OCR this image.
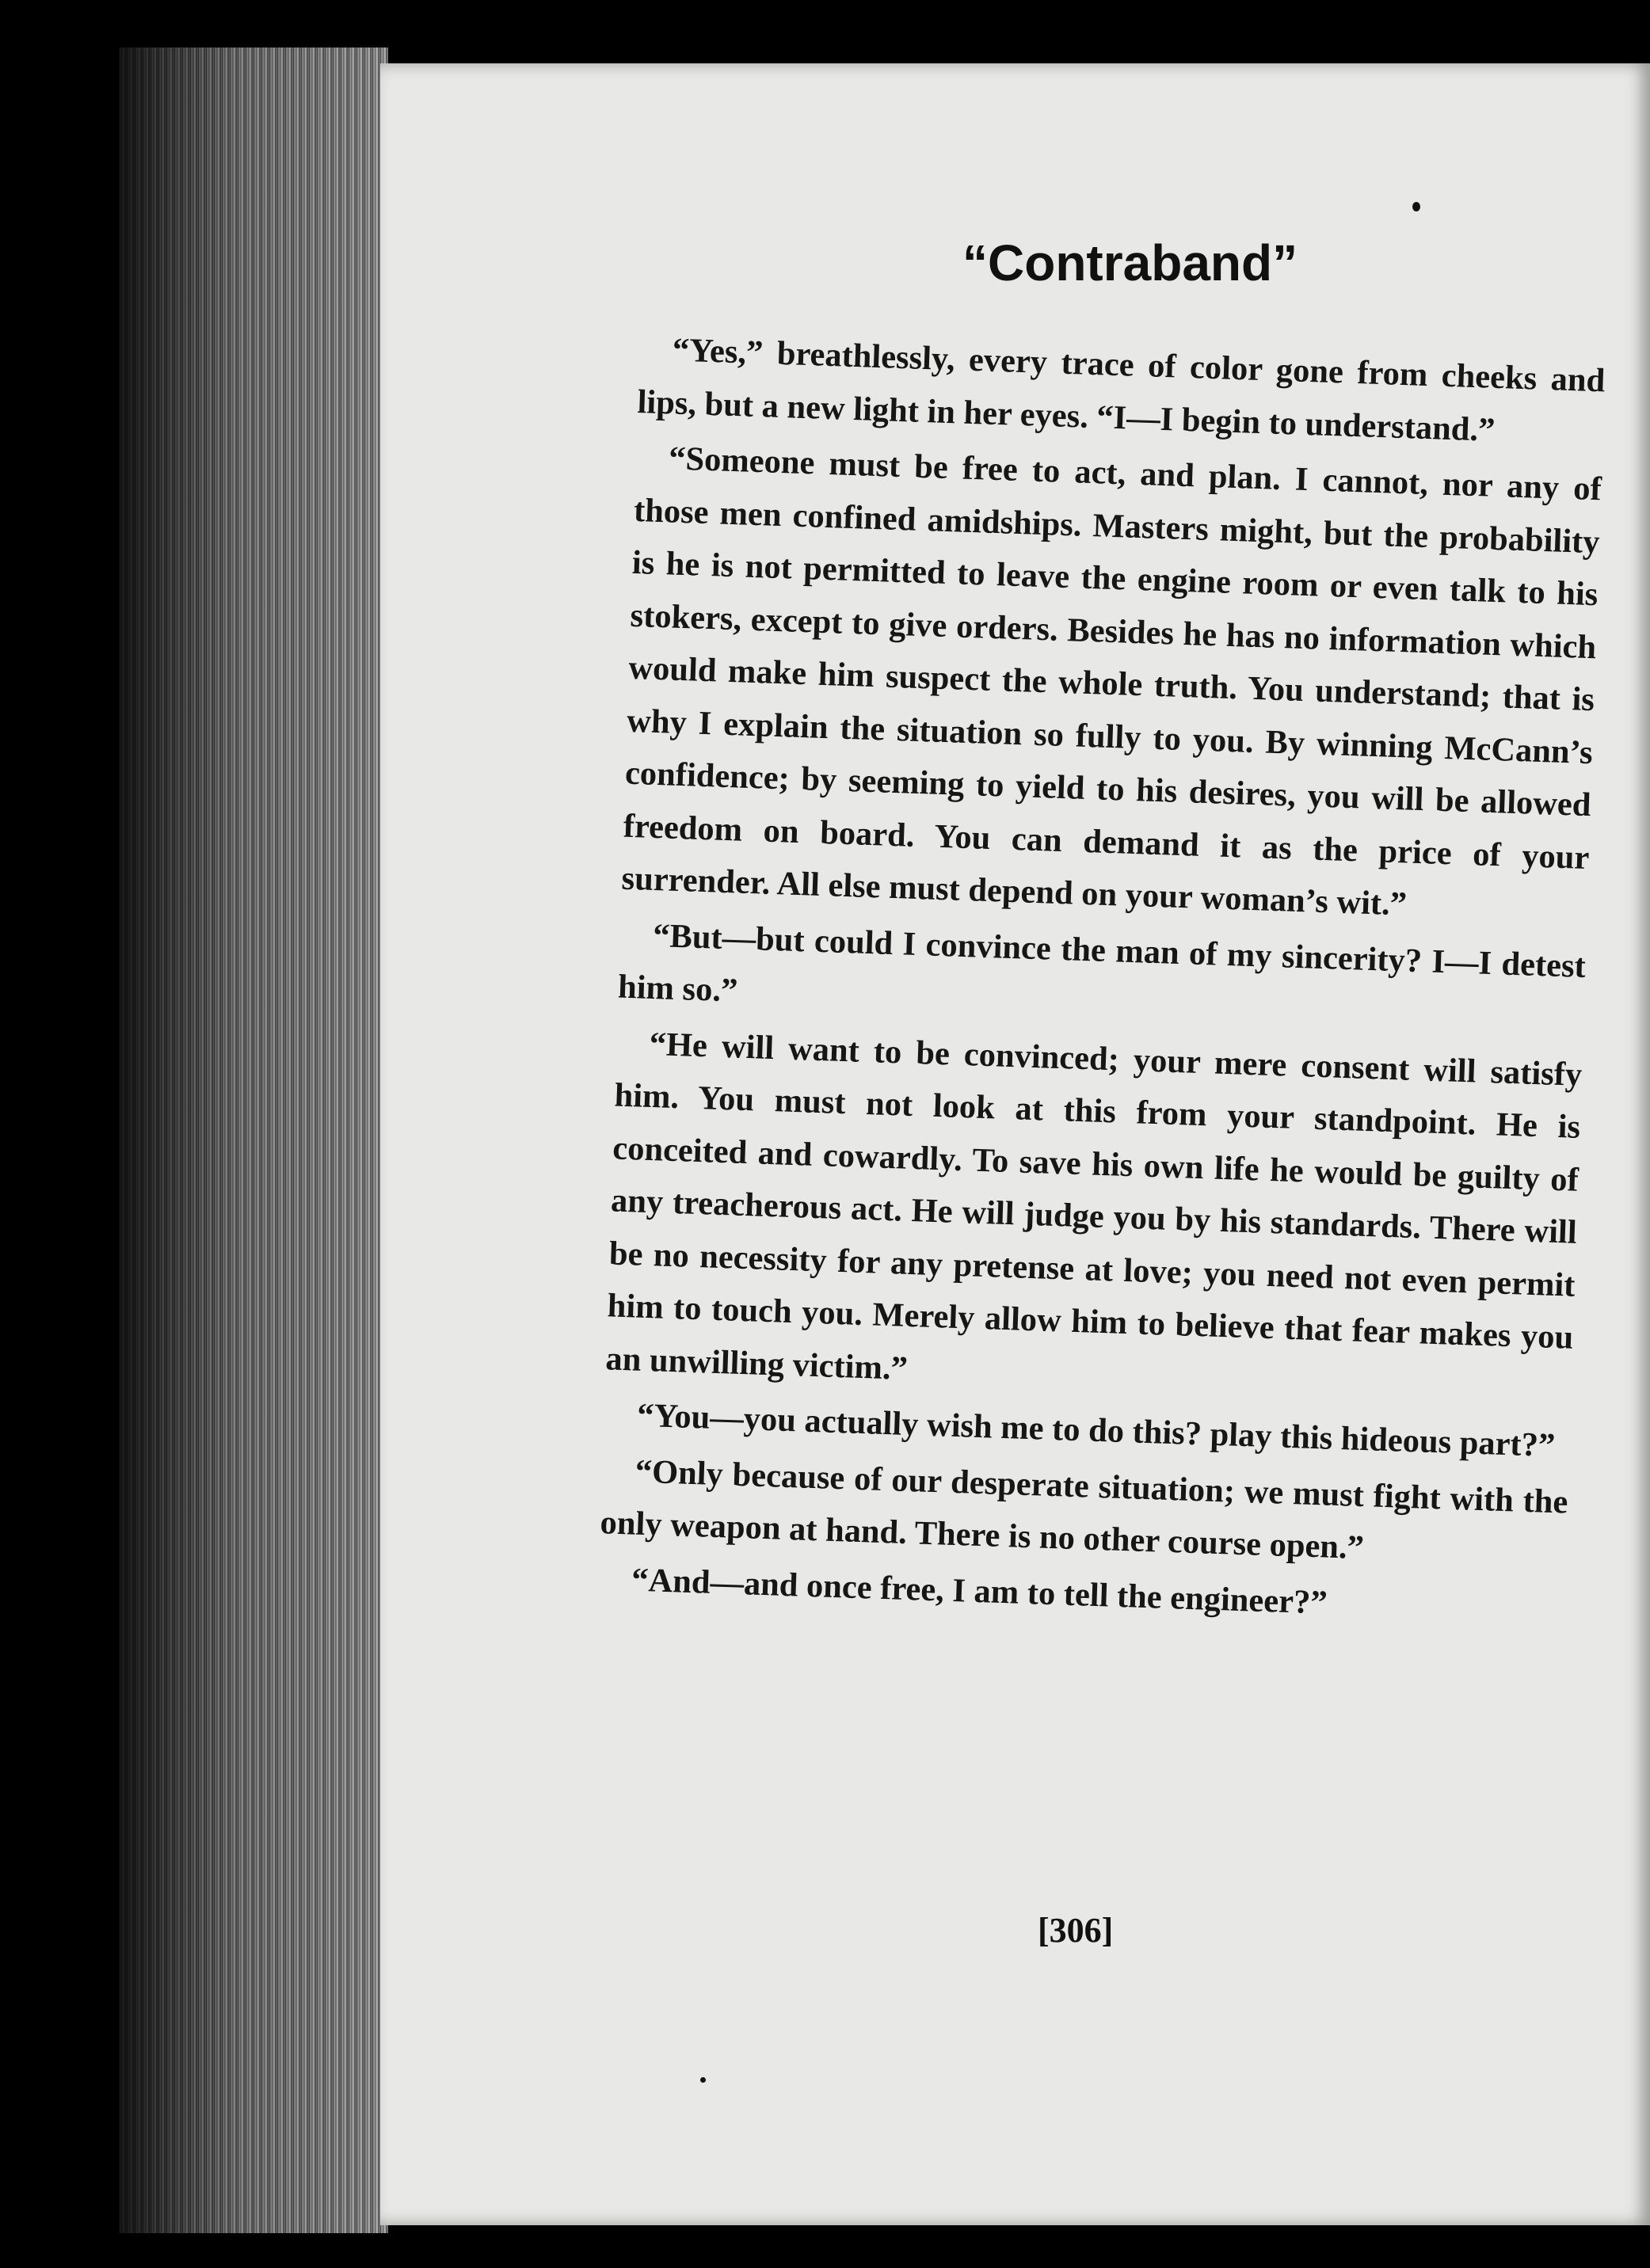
“Contraband”

“Yes,” breathlessly, every trace of color gone from cheeks and lips, but a new light in her eyes. “I—I begin to understand.”

“Someone must be free to act, and plan. I cannot, nor any of those men confined amidships. Masters might, but the probability is he is not permitted to leave the engine room or even talk to his stokers, except to give orders. Besides he has no information which would make him suspect the whole truth. You understand; that is why I explain the situation so fully to you. By winning McCann’s confidence; by seeming to yield to his desires, you will be allowed freedom on board. You can demand it as the price of your surrender. All else must depend on your woman’s wit.”

“But—but could I convince the man of my sincerity? I—I detest him so.”

“He will want to be convinced; your mere consent will satisfy him. You must not look at this from your standpoint. He is conceited and cowardly. To save his own life he would be guilty of any treacherous act. He will judge you by his standards. There will be no necessity for any pretense at love; you need not even permit him to touch you. Merely allow him to believe that fear makes you an unwilling victim.”

“You—you actually wish me to do this? play this hideous part?”

“Only because of our desperate situation; we must fight with the only weapon at hand. There is no other course open.”

“And—and once free, I am to tell the engineer?”

[306]
